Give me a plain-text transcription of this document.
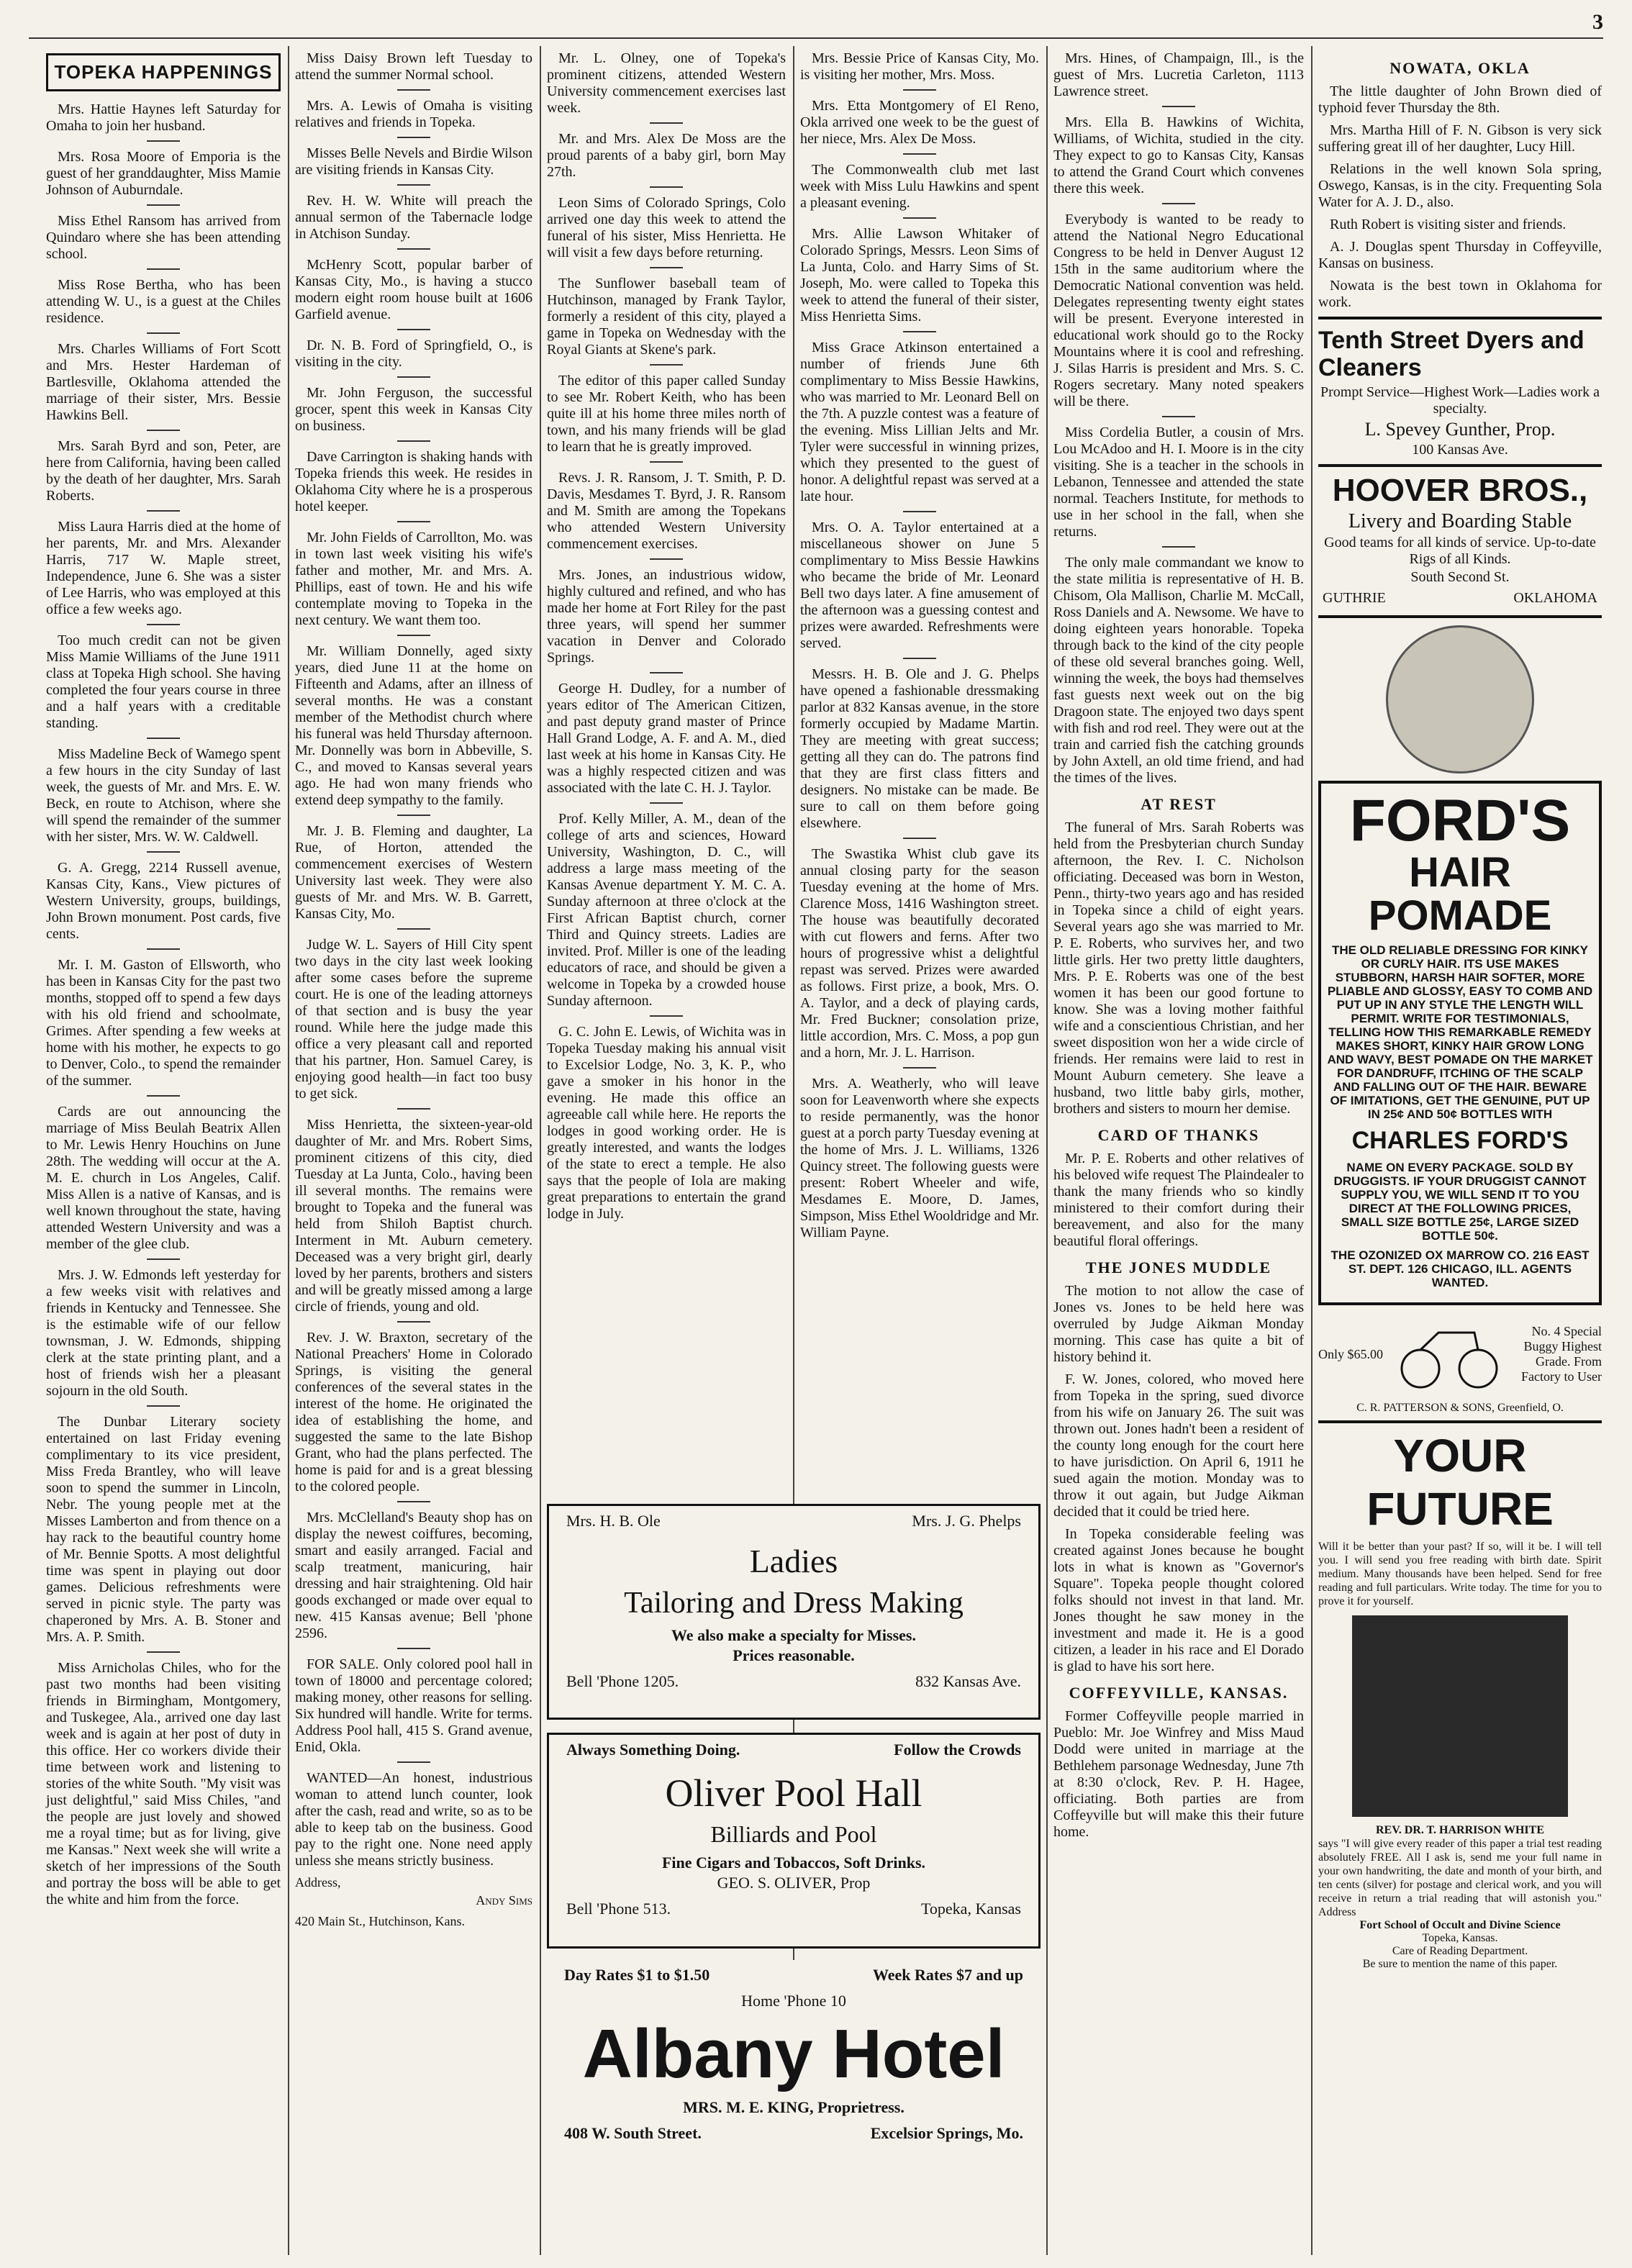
3
TOPEKA HAPPENINGS

Mrs. Hattie Haynes left Saturday for Omaha to join her husband.

Mrs. Rosa Moore of Emporia is the guest of her granddaughter, Miss Mamie Johnson of Auburndale.

Miss Ethel Ransom has arrived from Quindaro where she has been attending school.

Miss Rose Bertha, who has been attending W. U., is a guest at the Chiles residence.

Mrs. Charles Williams of Fort Scott and Mrs. Hester Hardeman of Bartlesville, Oklahoma attended the marriage of their sister, Mrs. Bessie Hawkins Bell.

Mrs. Sarah Byrd and son, Peter, are here from California, having been called by the death of her daughter, Mrs. Sarah Roberts.

Miss Laura Harris died at the home of her parents, Mr. and Mrs. Alexander Harris, 717 W. Maple street, Independence, June 6. She was a sister of Lee Harris, who was employed at this office a few weeks ago.

Too much credit can not be given Miss Mamie Williams of the June 1911 class at Topeka High school. She having completed the four years course in three and a half years with a creditable standing.

Miss Madeline Beck of Wamego spent a few hours in the city Sunday of last week, the guests of Mr. and Mrs. E. W. Beck, en route to Atchison, where she will spend the remainder of the summer with her sister, Mrs. W. W. Caldwell.

G. A. Gregg, 2214 Russell avenue, Kansas City, Kans., View pictures of Western University, groups, buildings, John Brown monument. Post cards, five cents.

Mr. I. M. Gaston of Ellsworth, who has been in Kansas City for the past two months, stopped off to spend a few days with his old friend and schoolmate, Grimes. After spending a few weeks at home with his mother, he expects to go to Denver, Colo., to spend the remainder of the summer.

Cards are out announcing the marriage of Miss Beulah Beatrix Allen to Mr. Lewis Henry Houchins on June 28th. The wedding will occur at the A. M. E. church in Los Angeles, Calif. Miss Allen is a native of Kansas, and is well known throughout the state, having attended Western University and was a member of the glee club.

Mrs. J. W. Edmonds left yesterday for a few weeks visit with relatives and friends in Kentucky and Tennessee. She is the estimable wife of our fellow townsman, J. W. Edmonds, shipping clerk at the state printing plant, and a host of friends wish her a pleasant sojourn in the old South.

The Dunbar Literary society entertained on last Friday evening complimentary to its vice president, Miss Freda Brantley, who will leave soon to spend the summer in Lincoln, Nebr. The young people met at the Misses Lamberton and from thence on a hay rack to the beautiful country home of Mr. Bennie Spotts. A most delightful time was spent in playing out door games. Delicious refreshments were served in picnic style. The party was chaperoned by Mrs. A. B. Stoner and Mrs. A. P. Smith.

Miss Arnicholas Chiles, who for the past two months had been visiting friends in Birmingham, Montgomery, and Tuskegee, Ala., arrived one day last week and is again at her post of duty in this office. Her co workers divide their time between work and listening to stories of the white South. "My visit was just delightful," said Miss Chiles, "and the people are just lovely and showed me a royal time; but as for living, give me Kansas." Next week she will write a sketch of her impressions of the South and portray the boss will be able to get the white and him from the force.

Miss Daisy Brown left Tuesday to attend the summer Normal school.

Mrs. A. Lewis of Omaha is visiting relatives and friends in Topeka.

Misses Belle Nevels and Birdie Wilson are visiting friends in Kansas City.

Rev. H. W. White will preach the annual sermon of the Tabernacle lodge in Atchison Sunday.

McHenry Scott, popular barber of Kansas City, Mo., is having a stucco modern eight room house built at 1606 Garfield avenue.

Dr. N. B. Ford of Springfield, O., is visiting in the city.

Mr. John Ferguson, the successful grocer, spent this week in Kansas City on business.

Dave Carrington is shaking hands with Topeka friends this week. He resides in Oklahoma City where he is a prosperous hotel keeper.

Mr. John Fields of Carrollton, Mo. was in town last week visiting his wife's father and mother, Mr. and Mrs. A. Phillips, east of town. He and his wife contemplate moving to Topeka in the next century. We want them too.

Mr. William Donnelly, aged sixty years, died June 11 at the home on Fifteenth and Adams, after an illness of several months. He was a constant member of the Methodist church where his funeral was held Thursday afternoon. Mr. Donnelly was born in Abbeville, S. C., and moved to Kansas several years ago. He had won many friends who extend deep sympathy to the family.

Mr. J. B. Fleming and daughter, La Rue, of Horton, attended the commencement exercises of Western University last week. They were also guests of Mr. and Mrs. W. B. Garrett, Kansas City, Mo.

Judge W. L. Sayers of Hill City spent two days in the city last week looking after some cases before the supreme court. He is one of the leading attorneys of that section and is busy the year round. While here the judge made this office a very pleasant call and reported that his partner, Hon. Samuel Carey, is enjoying good health—in fact too busy to get sick.

Miss Henrietta, the sixteen-year-old daughter of Mr. and Mrs. Robert Sims, prominent citizens of this city, died Tuesday at La Junta, Colo., having been ill several months. The remains were brought to Topeka and the funeral was held from Shiloh Baptist church. Interment in Mt. Auburn cemetery. Deceased was a very bright girl, dearly loved by her parents, brothers and sisters and will be greatly missed among a large circle of friends, young and old.

Rev. J. W. Braxton, secretary of the National Preachers' Home in Colorado Springs, is visiting the general conferences of the several states in the interest of the home. He originated the idea of establishing the home, and suggested the same to the late Bishop Grant, who had the plans perfected. The home is paid for and is a great blessing to the colored people.

Mrs. McClelland's Beauty shop has on display the newest coiffures, becoming, smart and easily arranged. Facial and scalp treatment, manicuring, hair dressing and hair straightening. Old hair goods exchanged or made over equal to new. 415 Kansas avenue; Bell 'phone 2596.

FOR SALE. Only colored pool hall in town of 18000 and percentage colored; making money, other reasons for selling. Six hundred will handle. Write for terms. Address Pool hall, 415 S. Grand avenue, Enid, Okla.

WANTED—An honest, industrious woman to attend lunch counter, look after the cash, read and write, so as to be able to keep tab on the business. Good pay to the right one. None need apply unless she means strictly business.

Address,

Andy Sims

420 Main St., Hutchinson, Kans.

Mr. L. Olney, one of Topeka's prominent citizens, attended Western University commencement exercises last week.

Mr. and Mrs. Alex De Moss are the proud parents of a baby girl, born May 27th.

Leon Sims of Colorado Springs, Colo arrived one day this week to attend the funeral of his sister, Miss Henrietta. He will visit a few days before returning.

The Sunflower baseball team of Hutchinson, managed by Frank Taylor, formerly a resident of this city, played a game in Topeka on Wednesday with the Royal Giants at Skene's park.

The editor of this paper called Sunday to see Mr. Robert Keith, who has been quite ill at his home three miles north of town, and his many friends will be glad to learn that he is greatly improved.

Revs. J. R. Ransom, J. T. Smith, P. D. Davis, Mesdames T. Byrd, J. R. Ransom and M. Smith are among the Topekans who attended Western University commencement exercises.

Mrs. Jones, an industrious widow, highly cultured and refined, and who has made her home at Fort Riley for the past three years, will spend her summer vacation in Denver and Colorado Springs.

George H. Dudley, for a number of years editor of The American Citizen, and past deputy grand master of Prince Hall Grand Lodge, A. F. and A. M., died last week at his home in Kansas City. He was a highly respected citizen and was associated with the late C. H. J. Taylor.

Prof. Kelly Miller, A. M., dean of the college of arts and sciences, Howard University, Washington, D. C., will address a large mass meeting of the Kansas Avenue department Y. M. C. A. Sunday afternoon at three o'clock at the First African Baptist church, corner Third and Quincy streets. Ladies are invited. Prof. Miller is one of the leading educators of race, and should be given a welcome in Topeka by a crowded house Sunday afternoon.

G. C. John E. Lewis, of Wichita was in Topeka Tuesday making his annual visit to Excelsior Lodge, No. 3, K. P., who gave a smoker in his honor in the evening. He made this office an agreeable call while here. He reports the lodges in good working order. He is greatly interested, and wants the lodges of the state to erect a temple. He also says that the people of Iola are making great preparations to entertain the grand lodge in July.

Mrs. Bessie Price of Kansas City, Mo. is visiting her mother, Mrs. Moss.

Mrs. Etta Montgomery of El Reno, Okla arrived one week to be the guest of her niece, Mrs. Alex De Moss.

The Commonwealth club met last week with Miss Lulu Hawkins and spent a pleasant evening.

Mrs. Allie Lawson Whitaker of Colorado Springs, Messrs. Leon Sims of La Junta, Colo. and Harry Sims of St. Joseph, Mo. were called to Topeka this week to attend the funeral of their sister, Miss Henrietta Sims.

Miss Grace Atkinson entertained a number of friends June 6th complimentary to Miss Bessie Hawkins, who was married to Mr. Leonard Bell on the 7th. A puzzle contest was a feature of the evening. Miss Lillian Jelts and Mr. Tyler were successful in winning prizes, which they presented to the guest of honor. A delightful repast was served at a late hour.

Mrs. O. A. Taylor entertained at a miscellaneous shower on June 5 complimentary to Miss Bessie Hawkins who became the bride of Mr. Leonard Bell two days later. A fine amusement of the afternoon was a guessing contest and prizes were awarded. Refreshments were served.

Messrs. H. B. Ole and J. G. Phelps have opened a fashionable dressmaking parlor at 832 Kansas avenue, in the store formerly occupied by Madame Martin. They are meeting with great success; getting all they can do. The patrons find that they are first class fitters and designers. No mistake can be made. Be sure to call on them before going elsewhere.

The Swastika Whist club gave its annual closing party for the season Tuesday evening at the home of Mrs. Clarence Moss, 1416 Washington street. The house was beautifully decorated with cut flowers and ferns. After two hours of progressive whist a delightful repast was served. Prizes were awarded as follows. First prize, a book, Mrs. O. A. Taylor, and a deck of playing cards, Mr. Fred Buckner; consolation prize, little accordion, Mrs. C. Moss, a pop gun and a horn, Mr. J. L. Harrison.

Mrs. A. Weatherly, who will leave soon for Leavenworth where she expects to reside permanently, was the honor guest at a porch party Tuesday evening at the home of Mrs. J. L. Williams, 1326 Quincy street. The following guests were present: Robert Wheeler and wife, Mesdames E. Moore, D. James, Simpson, Miss Ethel Wooldridge and Mr. William Payne.

Mrs. H. B. Ole	Mrs. J. G. Phelps
Ladies
Tailoring and Dress Making
We also make a specialty for Misses.
Prices reasonable.
Bell 'Phone 1205.	832 Kansas Ave.
Always Something Doing.	Follow the Crowds
Oliver Pool Hall
Billiards and Pool
Fine Cigars and Tobaccos, Soft Drinks.
GEO. S. OLIVER, Prop
Bell 'Phone 513.	Topeka, Kansas
Day Rates $1 to $1.50	Week Rates $7 and up
Home 'Phone 10
Albany Hotel
MRS. M. E. KING, Proprietress.
408 W. South Street.	Excelsior Springs, Mo.

Mrs. Hines, of Champaign, Ill., is the guest of Mrs. Lucretia Carleton, 1113 Lawrence street.

Mrs. Ella B. Hawkins of Wichita, Williams, of Wichita, studied in the city. They expect to go to Kansas City, Kansas to attend the Grand Court which convenes there this week.

Everybody is wanted to be ready to attend the National Negro Educational Congress to be held in Denver August 12 15th in the same auditorium where the Democratic National convention was held. Delegates representing twenty eight states will be present. Everyone interested in educational work should go to the Rocky Mountains where it is cool and refreshing. J. Silas Harris is president and Mrs. S. C. Rogers secretary. Many noted speakers will be there.

Miss Cordelia Butler, a cousin of Mrs. Lou McAdoo and H. I. Moore is in the city visiting. She is a teacher in the schools in Lebanon, Tennessee and attended the state normal. Teachers Institute, for methods to use in her school in the fall, when she returns.

The only male commandant we know to the state militia is representative of H. B. Chisom, Ola Mallison, Charlie M. McCall, Ross Daniels and A. Newsome. We have to doing eighteen years honorable. Topeka through back to the kind of the city people of these old several branches going. Well, winning the week, the boys had themselves fast guests next week out on the big Dragoon state. The enjoyed two days spent with fish and rod reel. They were out at the train and carried fish the catching grounds by John Axtell, an old time friend, and had the times of the lives.

AT REST

The funeral of Mrs. Sarah Roberts was held from the Presbyterian church Sunday afternoon, the Rev. I. C. Nicholson officiating. Deceased was born in Weston, Penn., thirty-two years ago and has resided in Topeka since a child of eight years. Several years ago she was married to Mr. P. E. Roberts, who survives her, and two little girls. Her two pretty little daughters, Mrs. P. E. Roberts was one of the best women it has been our good fortune to know. She was a loving mother faithful wife and a conscientious Christian, and her sweet disposition won her a wide circle of friends. Her remains were laid to rest in Mount Auburn cemetery. She leave a husband, two little baby girls, mother, brothers and sisters to mourn her demise.

CARD OF THANKS

Mr. P. E. Roberts and other relatives of his beloved wife request The Plaindealer to thank the many friends who so kindly ministered to their comfort during their bereavement, and also for the many beautiful floral offerings.

THE JONES MUDDLE

The motion to not allow the case of Jones vs. Jones to be held here was overruled by Judge Aikman Monday morning. This case has quite a bit of history behind it.

F. W. Jones, colored, who moved here from Topeka in the spring, sued divorce from his wife on January 26. The suit was thrown out. Jones hadn't been a resident of the county long enough for the court here to have jurisdiction. On April 6, 1911 he sued again the motion. Monday was to throw it out again, but Judge Aikman decided that it could be tried here.

In Topeka considerable feeling was created against Jones because he bought lots in what is known as "Governor's Square". Topeka people thought colored folks should not invest in that land. Mr. Jones thought he saw money in the investment and made it. He is a good citizen, a leader in his race and El Dorado is glad to have his sort here.

COFFEYVILLE, KANSAS.

Former Coffeyville people married in Pueblo: Mr. Joe Winfrey and Miss Maud Dodd were united in marriage at the Bethlehem parsonage Wednesday, June 7th at 8:30 o'clock, Rev. P. H. Hagee, officiating. Both parties are from Coffeyville but will make this their future home.

NOWATA, OKLA

The little daughter of John Brown died of typhoid fever Thursday the 8th.

Mrs. Martha Hill of F. N. Gibson is very sick suffering great ill of her daughter, Lucy Hill.

Relations in the well known Sola spring, Oswego, Kansas, is in the city. Frequenting Sola Water for A. J. D., also.

Ruth Robert is visiting sister and friends.

A. J. Douglas spent Thursday in Coffeyville, Kansas on business.

Nowata is the best town in Oklahoma for work.

Tenth Street Dyers and Cleaners
Prompt Service—Highest Work—Ladies work a specialty.
L. Spevey Gunther, Prop.
100 Kansas Ave.
HOOVER BROS.,
Livery and Boarding Stable
Good teams for all kinds of service. Up-to-date Rigs of all Kinds.
South Second St.
GUTHRIE	OKLAHOMA
FORD'S
HAIR POMADE
THE OLD RELIABLE DRESSING FOR KINKY OR CURLY HAIR. ITS USE MAKES STUBBORN, HARSH HAIR SOFTER, MORE PLIABLE AND GLOSSY, EASY TO COMB AND PUT UP IN ANY STYLE THE LENGTH WILL PERMIT. WRITE FOR TESTIMONIALS, TELLING HOW THIS REMARKABLE REMEDY MAKES SHORT, KINKY HAIR GROW LONG AND WAVY, BEST POMADE ON THE MARKET FOR DANDRUFF, ITCHING OF THE SCALP AND FALLING OUT OF THE HAIR. BEWARE OF IMITATIONS, GET THE GENUINE, PUT UP IN 25¢ AND 50¢ BOTTLES WITH
CHARLES FORD'S
NAME ON EVERY PACKAGE. SOLD BY DRUGGISTS. IF YOUR DRUGGIST CANNOT SUPPLY YOU, WE WILL SEND IT TO YOU DIRECT AT THE FOLLOWING PRICES, SMALL SIZE BOTTLE 25¢, LARGE SIZED BOTTLE 50¢.
THE OZONIZED OX MARROW CO. 216 EAST ST. DEPT. 126 CHICAGO, ILL. AGENTS WANTED.
Only $65.00
No. 4 Special Buggy Highest Grade. From Factory to User
C. R. PATTERSON & SONS, Greenfield, O.
YOUR FUTURE
Will it be better than your past? If so, will it be. I will tell you. I will send you free reading with birth date. Spirit medium. Many thousands have been helped. Send for free reading and full particulars. Write today. The time for you to prove it for yourself.
REV. DR. T. HARRISON WHITE
says "I will give every reader of this paper a trial test reading absolutely FREE. All I ask is, send me your full name in your own handwriting, the date and month of your birth, and ten cents (silver) for postage and clerical work, and you will receive in return a trial reading that will astonish you." Address
Fort School of Occult and Divine Science
Topeka, Kansas.
Care of Reading Department.
Be sure to mention the name of this paper.
